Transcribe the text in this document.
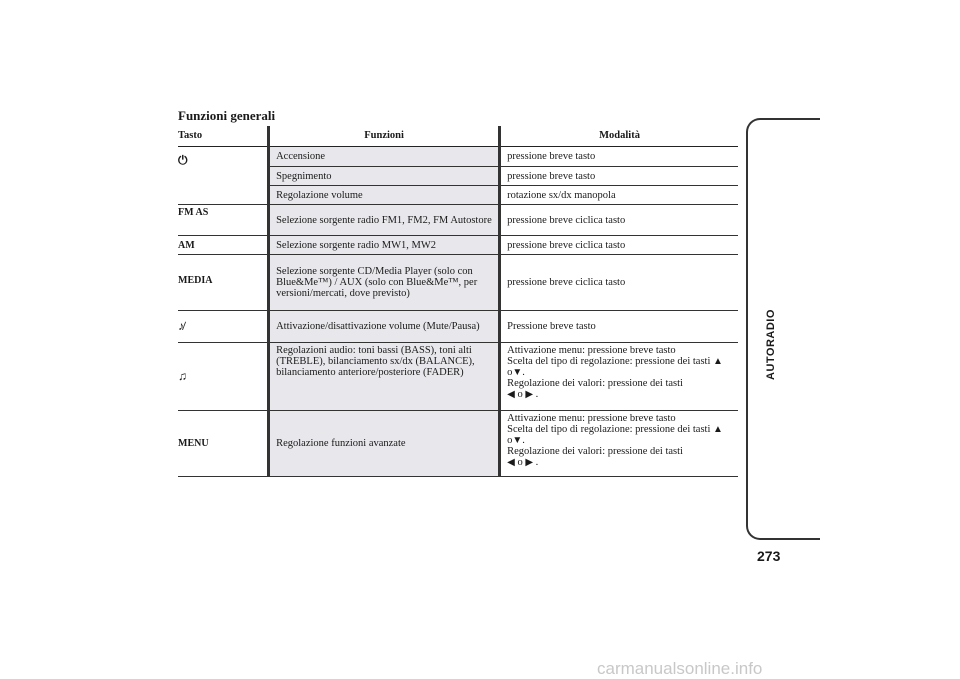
Funzioni generali
Tasto	Funzioni	Modalità
⏻	Accensione	pressione breve tasto
	Spegnimento	pressione breve tasto
	Regolazione volume	rotazione sx/dx manopola
FM AS	Selezione sorgente radio FM1, FM2, FM Autostore	pressione breve ciclica tasto
AM	Selezione sorgente radio MW1, MW2	pressione breve ciclica tasto
MEDIA	Selezione sorgente CD/Media Player (solo con Blue&Me™) / AUX (solo con Blue&Me™, per versioni/mercati, dove previsto)	pressione breve ciclica tasto
♪̸	Attivazione/disattivazione volume (Mute/Pausa)	Pressione breve tasto
♫	Regolazioni audio: toni bassi (BASS), toni alti (TREBLE), bilanciamento sx/dx (BALANCE), bilanciamento anteriore/posteriore (FADER)	Attivazione menu: pressione breve tasto
Scelta del tipo di regolazione: pressione dei tasti ▲ o▼.
Regolazione dei valori: pressione dei tasti
◀ o ▶ .
MENU	Regolazione funzioni avanzate	Attivazione menu: pressione breve tasto
Scelta del tipo di regolazione: pressione dei tasti ▲ o▼.
Regolazione dei valori: pressione dei tasti
◀ o ▶ .
AUTORADIO
273
carmanualsonline.info
